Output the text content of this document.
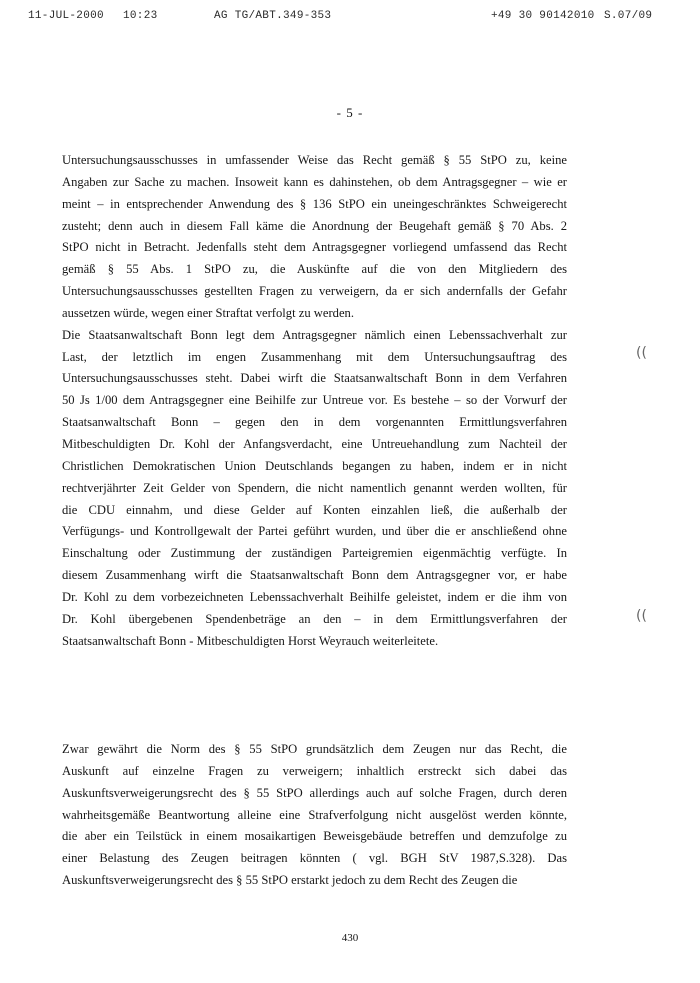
11-JUL-2000 10:23	AG TG/ABT.349-353	+49 30 90142010 S.07/09
- 5 -
Untersuchungsausschusses in umfassender Weise das Recht gemäß § 55 StPO zu, keine
Angaben zur Sache zu machen. Insoweit kann es dahinstehen, ob dem Antragsgegner – wie er
meint – in entsprechender Anwendung des § 136 StPO ein uneingeschränktes Schweigerecht
zusteht; denn auch in diesem Fall käme die Anordnung der Beugehaft gemäß § 70 Abs. 2
StPO nicht in Betracht. Jedenfalls steht dem Antragsgegner vorliegend umfassend das Recht
gemäß § 55 Abs. 1 StPO zu, die Auskünfte auf die von den Mitgliedern des
Untersuchungsausschusses gestellten Fragen zu verweigern, da er sich andernfalls der Gefahr
aussetzen würde, wegen einer Straftat verfolgt zu werden.
Die Staatsanwaltschaft Bonn legt dem Antragsgegner nämlich einen Lebenssachverhalt zur
Last, der letztlich im engen Zusammenhang mit dem Untersuchungsauftrag des
Untersuchungsausschusses steht. Dabei wirft die Staatsanwaltschaft Bonn in dem Verfahren
50 Js 1/00 dem Antragsgegner eine Beihilfe zur Untreue vor. Es bestehe – so der Vorwurf der
Staatsanwaltschaft Bonn – gegen den in dem vorgenannten Ermittlungsverfahren
Mitbeschuldigten Dr. Kohl der Anfangsverdacht, eine Untreuehandlung zum Nachteil der
Christlichen Demokratischen Union Deutschlands begangen zu haben, indem er in nicht
rechtverjährter Zeit Gelder von Spendern, die nicht namentlich genannt werden wollten, für
die CDU einnahm, und diese Gelder auf Konten einzahlen ließ, die außerhalb der
Verfügungs- und Kontrollgewalt der Partei geführt wurden, und über die er anschließend ohne
Einschaltung oder Zustimmung der zuständigen Parteigremien eigenmächtig verfügte. In
diesem Zusammenhang wirft die Staatsanwaltschaft Bonn dem Antragsgegner vor, er habe
Dr. Kohl zu dem vorbezeichneten Lebenssachverhalt Beihilfe geleistet, indem er die ihm von
Dr. Kohl übergebenen Spendenbeträge an den – in dem Ermittlungsverfahren der
Staatsanwaltschaft Bonn - Mitbeschuldigten Horst Weyrauch weiterleitete.
Zwar gewährt die Norm des § 55 StPO grundsätzlich dem Zeugen nur das Recht, die
Auskunft auf einzelne Fragen zu verweigern; inhaltlich erstreckt sich dabei das
Auskunftsverweigerungsrecht des § 55 StPO allerdings auch auf solche Fragen, durch deren
wahrheitsgemäße Beantwortung alleine eine Strafverfolgung nicht ausgelöst werden könnte,
die aber ein Teilstück in einem mosaikartigen Beweisgebäude betreffen und demzufolge zu
einer Belastung des Zeugen beitragen könnten ( vgl. BGH StV 1987,S.328). Das
Auskunftsverweigerungsrecht des § 55 StPO erstarkt jedoch zu dem Recht des Zeugen die
((
((
430
